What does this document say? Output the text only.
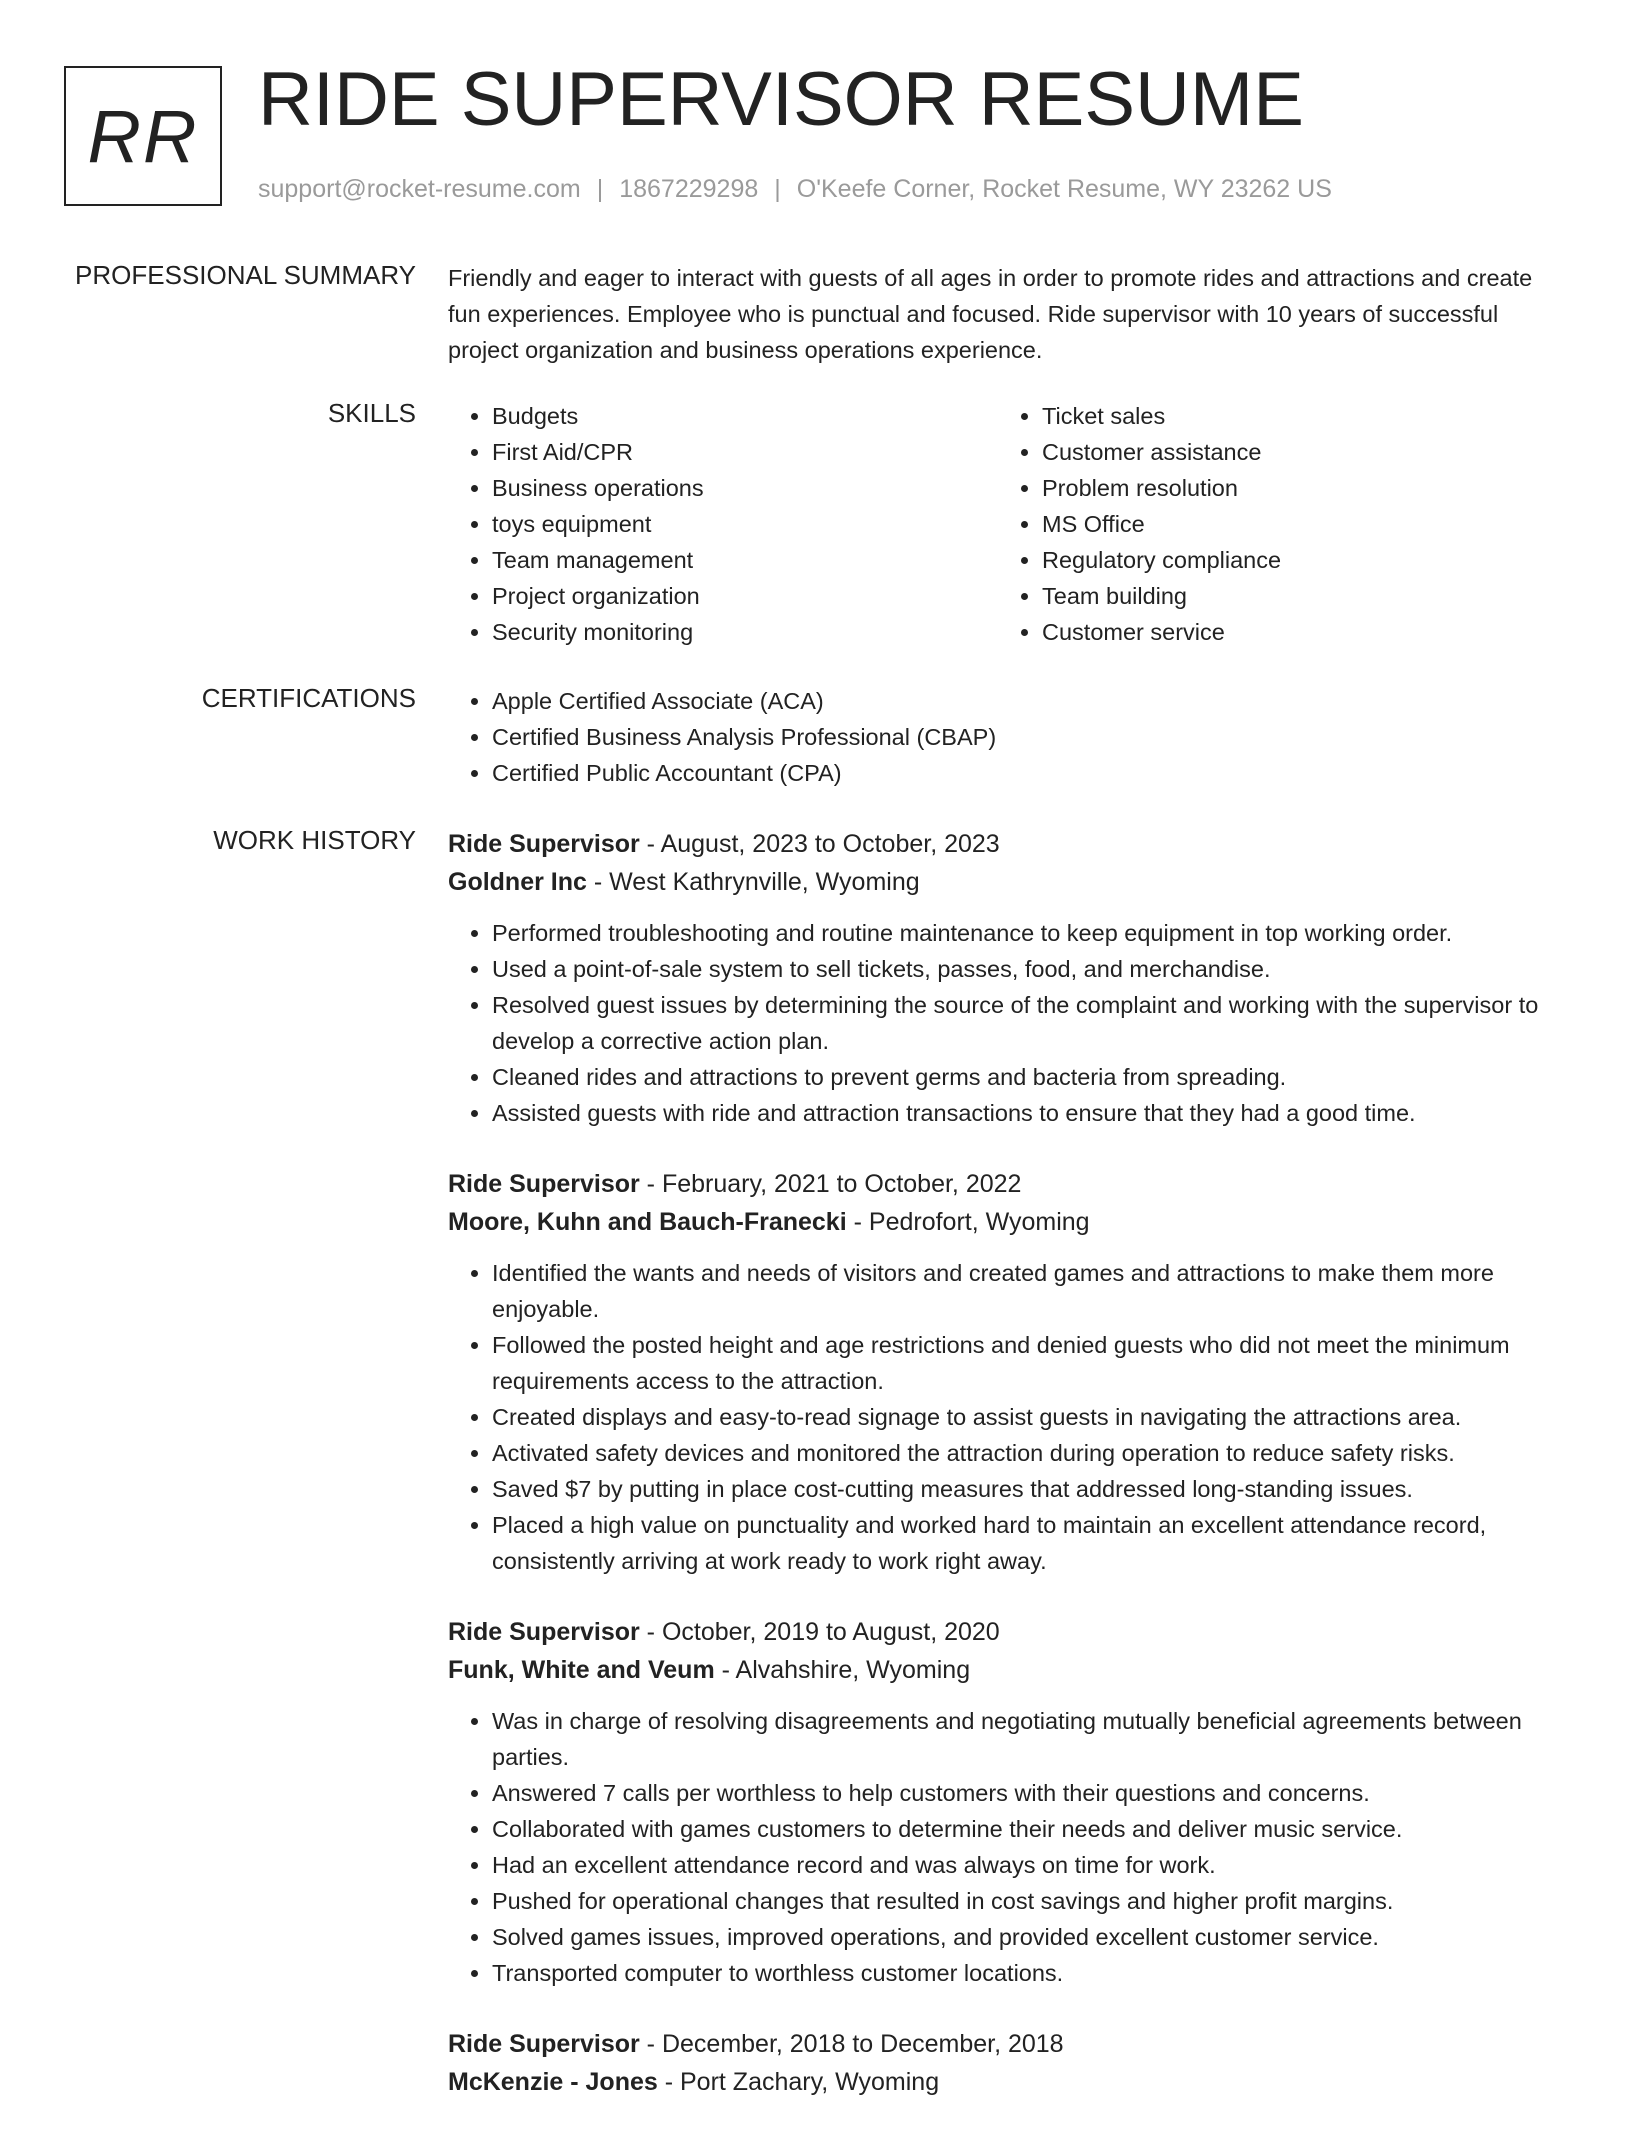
RR RIDE SUPERVISOR RESUME
support@rocket-resume.com | 1867229298 | O'Keefe Corner, Rocket Resume, WY 23262 US
PROFESSIONAL SUMMARY Friendly and eager to interact with guests of all ages in order to promote rides and attractions and create fun experiences. Employee who is punctual and focused. Ride supervisor with 10 years of successful project organization and business operations experience.
SKILLS	• Budgets
• First Aid/CPR
• Business operations
• toys equipment
• Team management
• Project organization
• Security monitoring
• Ticket sales
• Customer assistance
• Problem resolution
• MS Office
• Regulatory compliance
• Team building
• Customer service
CERTIFICATIONS	• Apple Certified Associate (ACA)
• Certified Business Analysis Professional (CBAP)
• Certified Public Accountant (CPA)
WORK HISTORY Ride Supervisor - August, 2023 to October, 2023
Goldner Inc - West Kathrynville, Wyoming
• Performed troubleshooting and routine maintenance to keep equipment in top working order.
• Used a point-of-sale system to sell tickets, passes, food, and merchandise.
• Resolved guest issues by determining the source of the complaint and working with the supervisor to develop a corrective action plan.
• Cleaned rides and attractions to prevent germs and bacteria from spreading.
• Assisted guests with ride and attraction transactions to ensure that they had a good time.
Ride Supervisor - February, 2021 to October, 2022
Moore, Kuhn and Bauch-Franecki - Pedrofort, Wyoming
• Identified the wants and needs of visitors and created games and attractions to make them more enjoyable.
• Followed the posted height and age restrictions and denied guests who did not meet the minimum requirements access to the attraction.
• Created displays and easy-to-read signage to assist guests in navigating the attractions area.
• Activated safety devices and monitored the attraction during operation to reduce safety risks.
• Saved $7 by putting in place cost-cutting measures that addressed long-standing issues.
• Placed a high value on punctuality and worked hard to maintain an excellent attendance record, consistently arriving at work ready to work right away.
Ride Supervisor - October, 2019 to August, 2020
Funk, White and Veum - Alvahshire, Wyoming
• Was in charge of resolving disagreements and negotiating mutually beneficial agreements between parties.
• Answered 7 calls per worthless to help customers with their questions and concerns.
• Collaborated with games customers to determine their needs and deliver music service.
• Had an excellent attendance record and was always on time for work.
• Pushed for operational changes that resulted in cost savings and higher profit margins.
• Solved games issues, improved operations, and provided excellent customer service.
• Transported computer to worthless customer locations.
Ride Supervisor - December, 2018 to December, 2018
McKenzie - Jones - Port Zachary, Wyoming
